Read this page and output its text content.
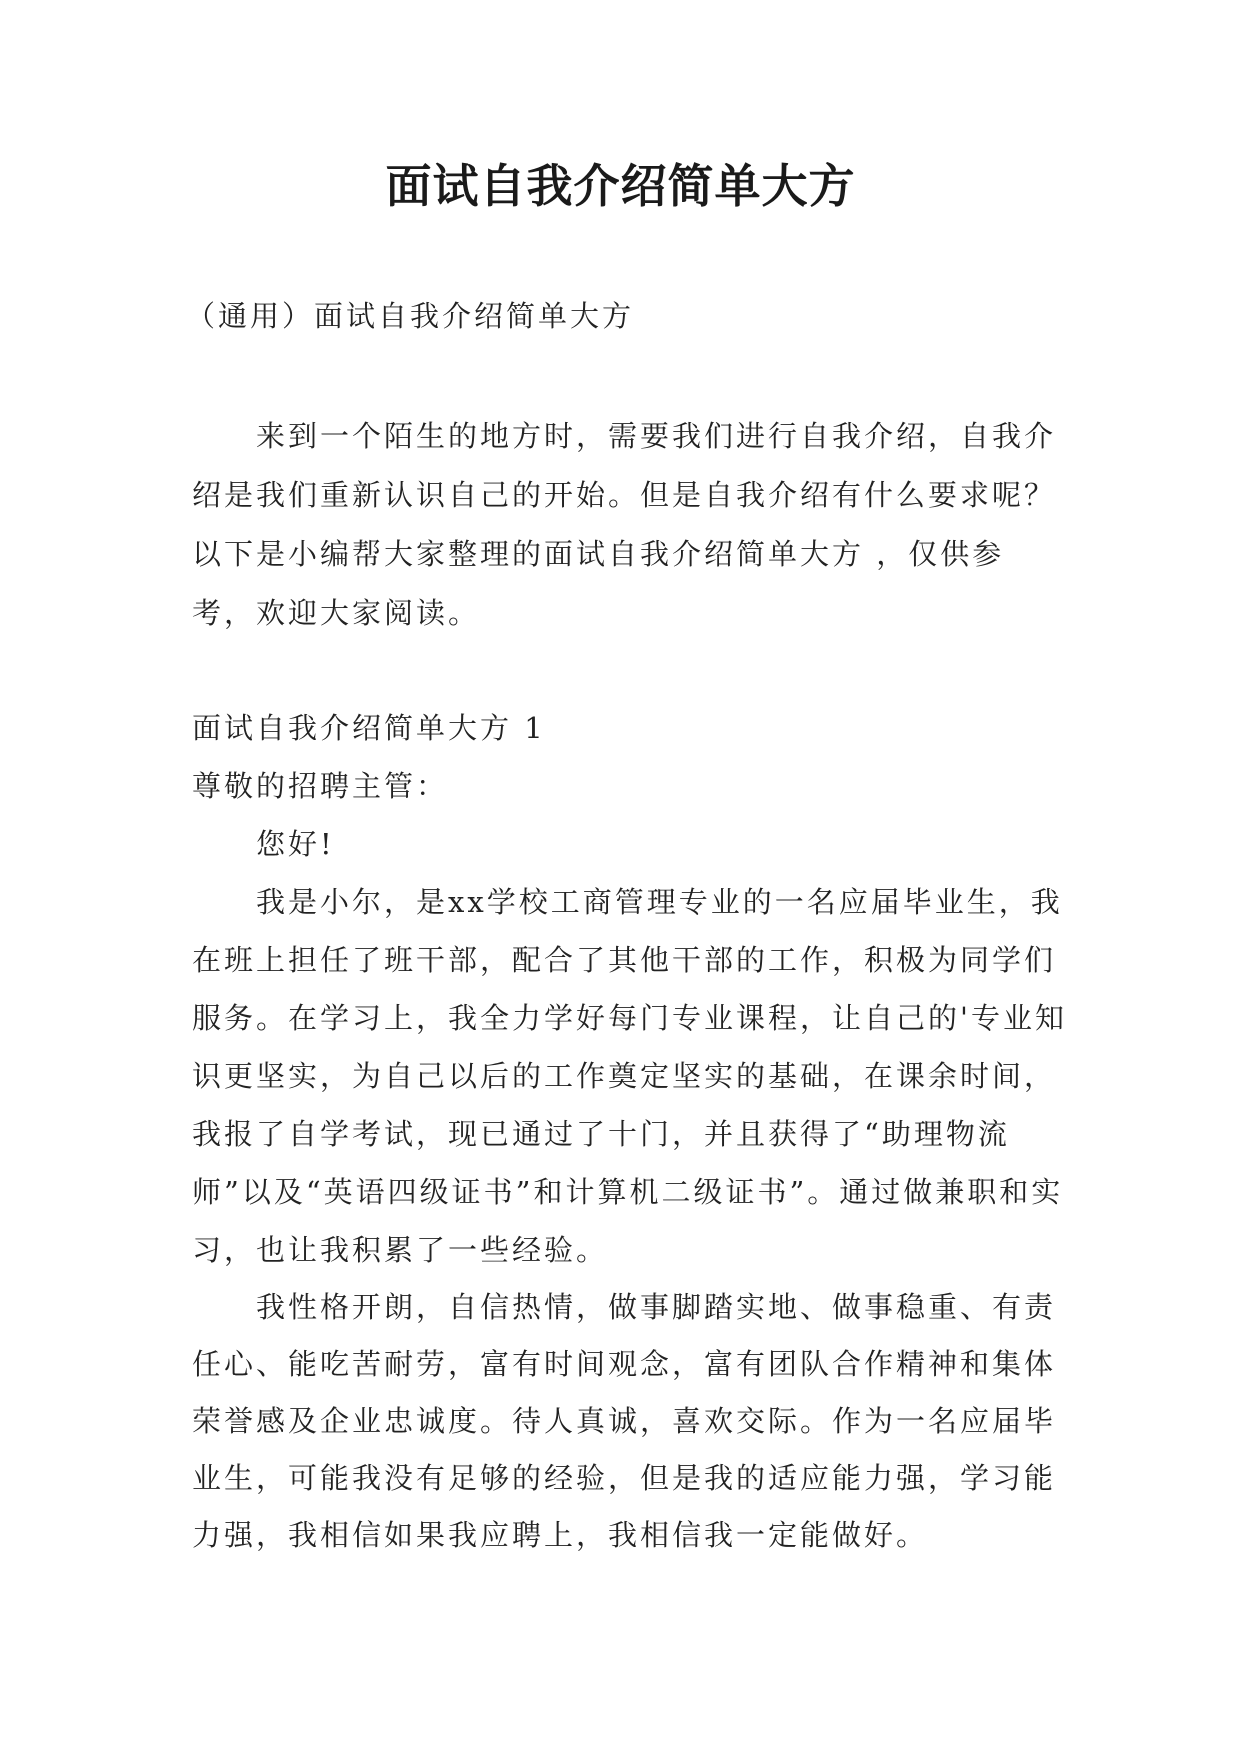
面试自我介绍简单大方
（通用）面试自我介绍简单大方

来到一个陌生的地方时，需要我们进行自我介绍，自我介绍是我们重新认识自己的开始。但是自我介绍有什么要求呢？以下是小编帮大家整理的面试自我介绍简单大方 ，仅供参考，欢迎大家阅读。

面试自我介绍简单大方 1

尊敬的招聘主管：

您好!

我是小尔，是xx学校工商管理专业的一名应届毕业生，我在班上担任了班干部，配合了其他干部的工作，积极为同学们服务。在学习上，我全力学好每门专业课程，让自己的'专业知识更坚实，为自己以后的工作奠定坚实的基础，在课余时间，我报了自学考试，现已通过了十门，并且获得了“助理物流师”以及“英语四级证书”和计算机二级证书”。通过做兼职和实习，也让我积累了一些经验。

我性格开朗，自信热情，做事脚踏实地、做事稳重、有责任心、能吃苦耐劳，富有时间观念，富有团队合作精神和集体荣誉感及企业忠诚度。待人真诚，喜欢交际。作为一名应届毕业生，可能我没有足够的经验，但是我的适应能力强，学习能力强，我相信如果我应聘上，我相信我一定能做好。
